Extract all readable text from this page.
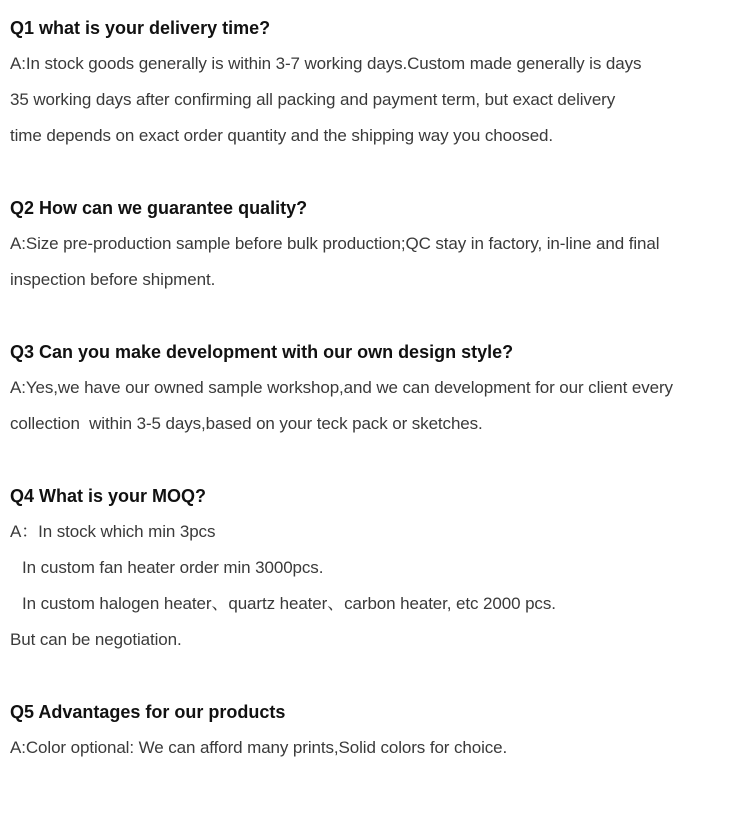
Q1 what is your delivery time?
A:In stock goods generally is within 3-7 working days.Custom made generally is days
35 working days after confirming all packing and payment term, but exact delivery
time depends on exact order quantity and the shipping way you choosed.
Q2 How can we guarantee quality?
A:Size pre-production sample before bulk production;QC stay in factory, in-line and final
inspection before shipment.
Q3 Can you make development with our own design style?
A:Yes,we have our owned sample workshop,and we can development for our client every
collection  within 3-5 days,based on your teck pack or sketches.
Q4 What is your MOQ?
A：In stock which min 3pcs
In custom fan heater order min 3000pcs.
In custom halogen heater、quartz heater、carbon heater, etc 2000 pcs.
But can be negotiation.
Q5 Advantages for our products
A:Color optional: We can afford many prints,Solid colors for choice.
